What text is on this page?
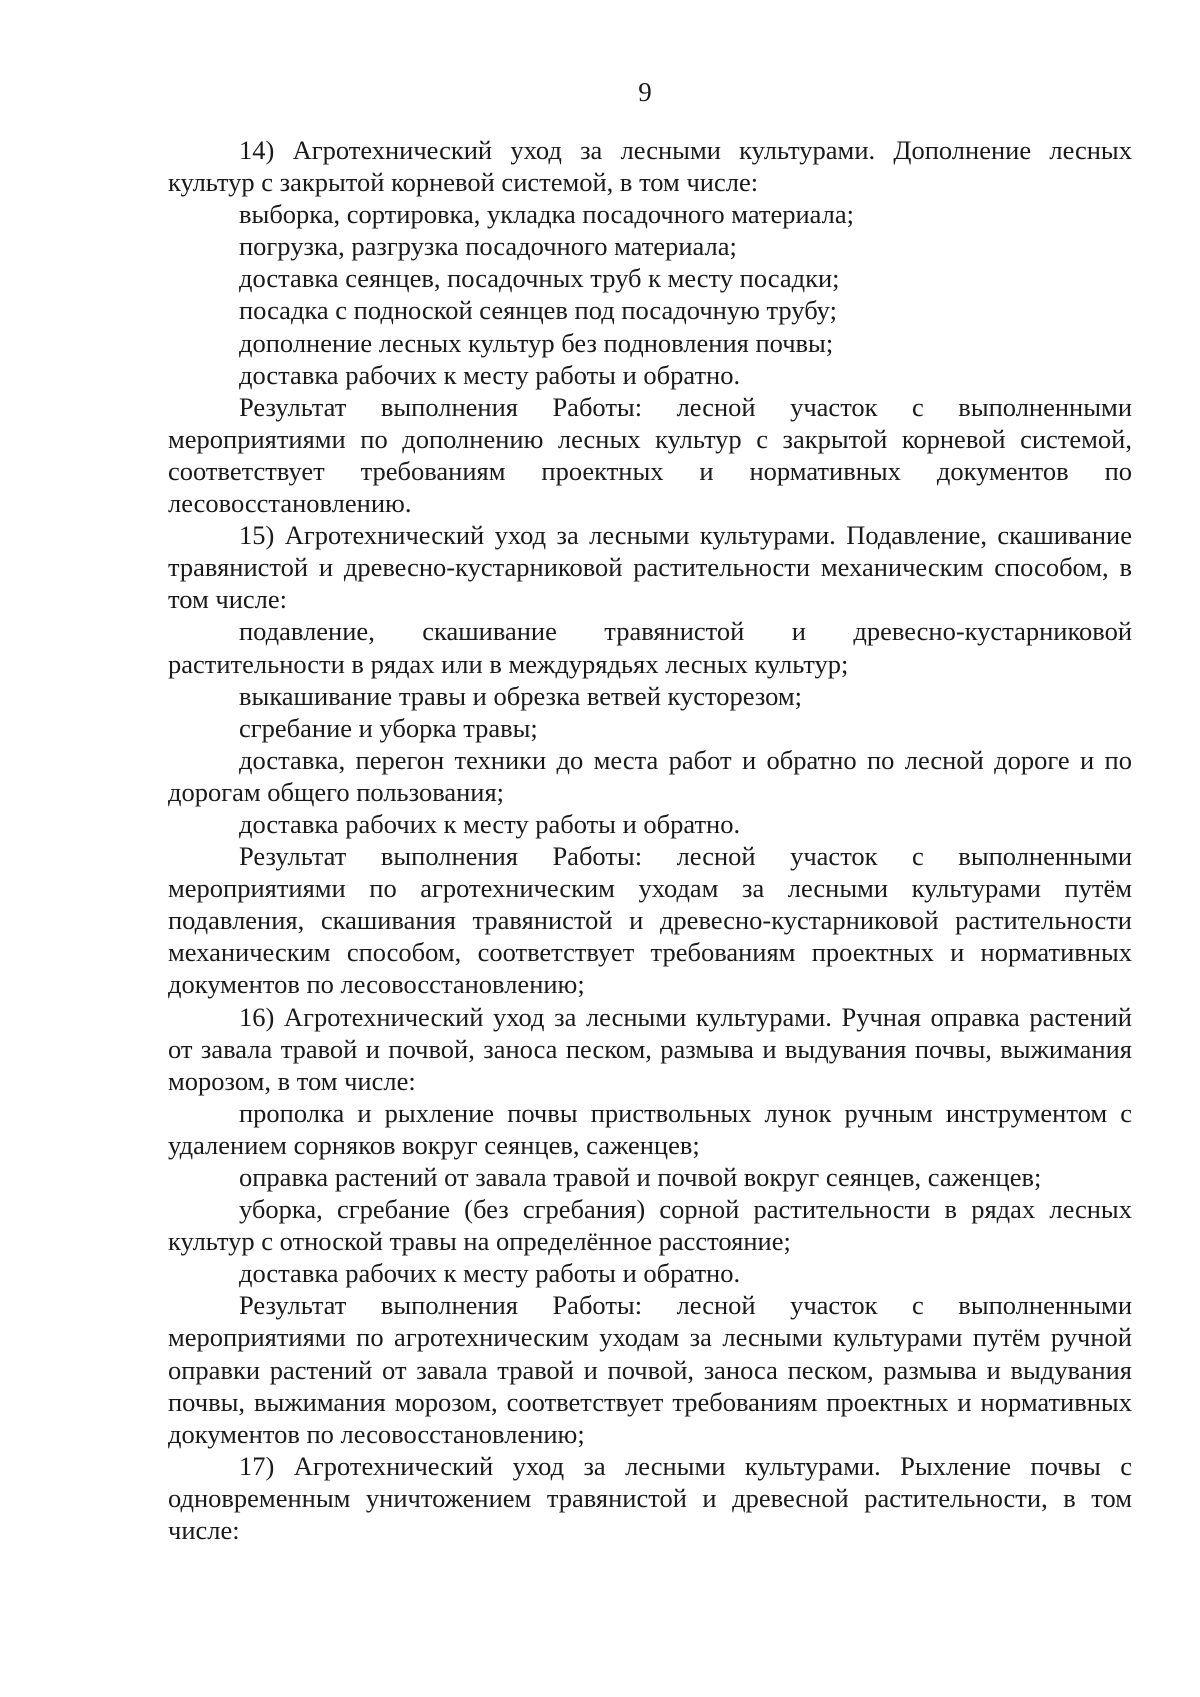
9

14) Агротехнический уход за лесными культурами. Дополнение лесных культур с закрытой корневой системой, в том числе:

выборка, сортировка, укладка посадочного материала;

погрузка, разгрузка посадочного материала;

доставка сеянцев, посадочных труб к месту посадки;

посадка с подноской сеянцев под посадочную трубу;

дополнение лесных культур без подновления почвы;

доставка рабочих к месту работы и обратно.

Результат выполнения Работы: лесной участок с выполненными мероприятиями по дополнению лесных культур с закрытой корневой системой, соответствует требованиям проектных и нормативных документов по лесовосстановлению.

15) Агротехнический уход за лесными культурами. Подавление, скашивание травянистой и древесно-кустарниковой растительности механическим способом, в том числе:

подавление, скашивание травянистой и древесно-кустарниковой растительности в рядах или в междурядьях лесных культур;

выкашивание травы и обрезка ветвей кусторезом;

сгребание и уборка травы;

доставка, перегон техники до места работ и обратно по лесной дороге и по дорогам общего пользования;

доставка рабочих к месту работы и обратно.

Результат выполнения Работы: лесной участок с выполненными мероприятиями по агротехническим уходам за лесными культурами путём подавления, скашивания травянистой и древесно-кустарниковой растительности механическим способом, соответствует требованиям проектных и нормативных документов по лесовосстановлению;

16) Агротехнический уход за лесными культурами. Ручная оправка растений от завала травой и почвой, заноса песком, размыва и выдувания почвы, выжимания морозом, в том числе:

прополка и рыхление почвы приствольных лунок ручным инструментом с удалением сорняков вокруг сеянцев, саженцев;

оправка растений от завала травой и почвой вокруг сеянцев, саженцев;

уборка, сгребание (без сгребания) сорной растительности в рядах лесных культур с отноской травы на определённое расстояние;

доставка рабочих к месту работы и обратно.

Результат выполнения Работы: лесной участок с выполненными мероприятиями по агротехническим уходам за лесными культурами путём ручной оправки растений от завала травой и почвой, заноса песком, размыва и выдувания почвы, выжимания морозом, соответствует требованиям проектных и нормативных документов по лесовосстановлению;

17) Агротехнический уход за лесными культурами. Рыхление почвы с одновременным уничтожением травянистой и древесной растительности, в том числе:
